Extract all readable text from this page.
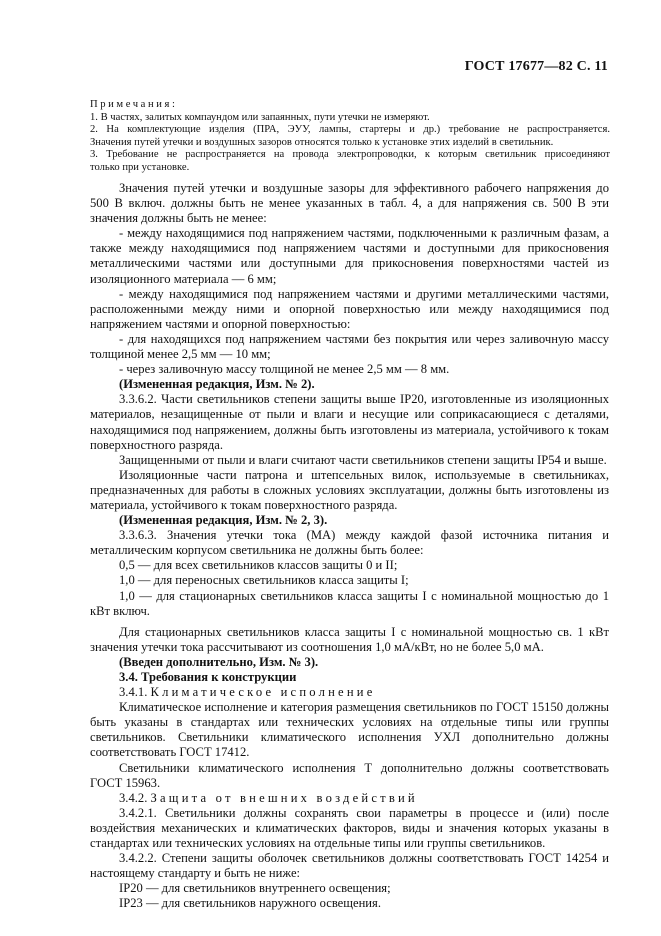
ГОСТ 17677—82 С. 11
Примечания:
1. В частях, залитых компаундом или запаянных, пути утечки не измеряют.
2. На комплектующие изделия (ПРА, ЭУУ, лампы, стартеры и др.) требование не распространяется.
Значения путей утечки и воздушных зазоров относятся только к установке этих изделий в светильник.
3. Требование не распространяется на провода электропроводки, к которым светильник присоединяют
только при установке.

Значения путей утечки и воздушные зазоры для эффективного рабочего напряжения до 500 В включ. должны быть не менее указанных в табл. 4, а для напряжения св. 500 В эти значения должны быть не менее:

- между находящимися под напряжением частями, подключенными к различным фазам, а также между находящимися под напряжением частями и доступными для прикосновения металлическими частями или доступными для прикосновения поверхностями частей из изоляционного материала — 6 мм;

- между находящимися под напряжением частями и другими металлическими частями, расположенными между ними и опорной поверхностью или между находящимися под напряжением частями и опорной поверхностью:

- для находящихся под напряжением частями без покрытия или через заливочную массу толщиной менее 2,5 мм — 10 мм;

- через заливочную массу толщиной не менее 2,5 мм — 8 мм.

(Измененная редакция, Изм. № 2).

3.3.6.2. Части светильников степени защиты выше IP20, изготовленные из изоляционных материалов, незащищенные от пыли и влаги и несущие или соприкасающиеся с деталями, находящимися под напряжением, должны быть изготовлены из материала, устойчивого к токам поверхностного разряда.

Защищенными от пыли и влаги считают части светильников степени защиты IP54 и выше.

Изоляционные части патрона и штепсельных вилок, используемые в светильниках, предназначенных для работы в сложных условиях эксплуатации, должны быть изготовлены из материала, устойчивого к токам поверхностного разряда.

(Измененная редакция, Изм. № 2, 3).

3.3.6.3. Значения утечки тока (МА) между каждой фазой источника питания и металлическим корпусом светильника не должны быть более:

0,5 — для всех светильников классов защиты 0 и II;

1,0 — для переносных светильников класса защиты I;

1,0 — для стационарных светильников класса защиты I с номинальной мощностью до 1 кВт включ.

Для стационарных светильников класса защиты I с номинальной мощностью св. 1 кВт значения утечки тока рассчитывают из соотношения 1,0 мА/кВт, но не более 5,0 мА.

(Введен дополнительно, Изм. № 3).

3.4. Требования к конструкции

3.4.1. Климатическое исполнение

Климатическое исполнение и категория размещения светильников по ГОСТ 15150 должны быть указаны в стандартах или технических условиях на отдельные типы или группы светильников. Светильники климатического исполнения УХЛ дополнительно должны соответствовать ГОСТ 17412.

Светильники климатического исполнения Т дополнительно должны соответствовать ГОСТ 15963.

3.4.2. Защита от внешних воздействий

3.4.2.1. Светильники должны сохранять свои параметры в процессе и (или) после воздействия механических и климатических факторов, виды и значения которых указаны в стандартах или технических условиях на отдельные типы или группы светильников.

3.4.2.2. Степени защиты оболочек светильников должны соответствовать ГОСТ 14254 и настоящему стандарту и быть не ниже:

IP20 — для светильников внутреннего освещения;

IP23 — для светильников наружного освещения.
